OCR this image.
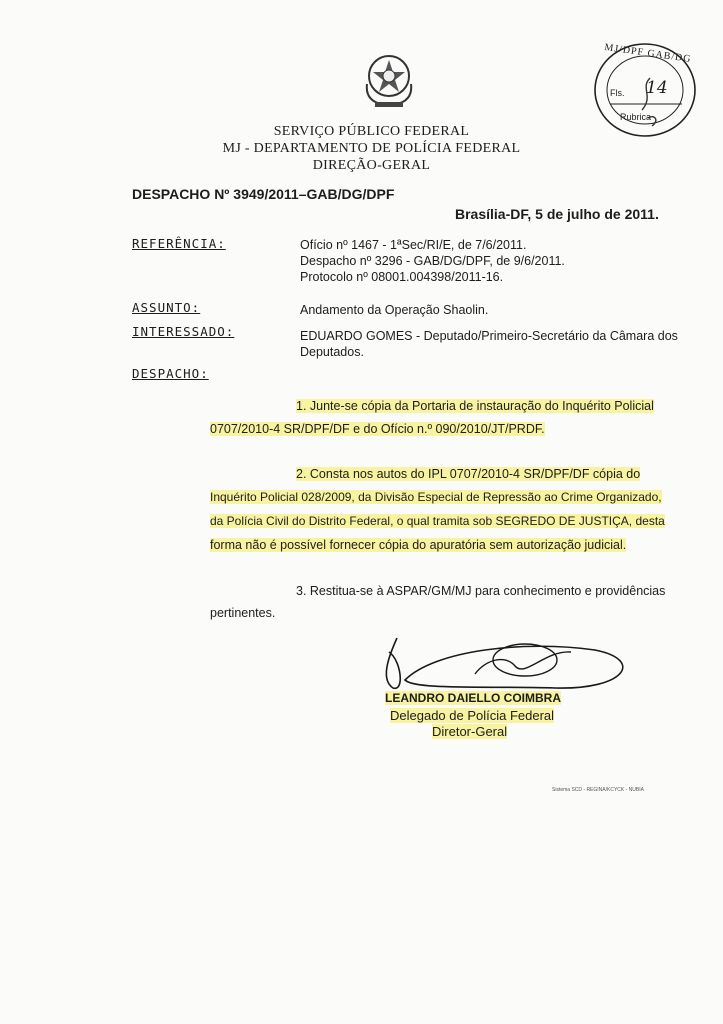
MJ/DPF GAB/DG
Fls. 14
Rubrica
SERVIÇO PÚBLICO FEDERAL
MJ - DEPARTAMENTO DE POLÍCIA FEDERAL
DIREÇÃO-GERAL
DESPACHO Nº 3949/2011–GAB/DG/DPF
Brasília-DF, 5 de julho de 2011.
REFERÊNCIA:	Ofício nº 1467 - 1ªSec/RI/E, de 7/6/2011.
Despacho nº 3296 - GAB/DG/DPF, de 9/6/2011.
Protocolo nº 08001.004398/2011-16.
ASSUNTO:	Andamento da Operação Shaolin.
INTERESSADO:	EDUARDO GOMES - Deputado/Primeiro-Secretário da Câmara dos
Deputados.
DESPACHO:
1. Junte-se cópia da Portaria de instauração do Inquérito Policial
0707/2010-4 SR/DPF/DF e do Ofício n.º 090/2010/JT/PRDF.
2. Consta nos autos do IPL 0707/2010-4 SR/DPF/DF cópia do
Inquérito Policial 028/2009, da Divisão Especial de Repressão ao Crime Organizado,
da Polícia Civil do Distrito Federal, o qual tramita sob SEGREDO DE JUSTIÇA, desta
forma não é possível fornecer cópia do apuratória sem autorização judicial.
3. Restitua-se à ASPAR/GM/MJ para conhecimento e providências
pertinentes.
LEANDRO DAIELLO COIMBRA
Delegado de Polícia Federal
Diretor-Geral
Sistema SCD - REGINA/KCYCK - NUBIA
